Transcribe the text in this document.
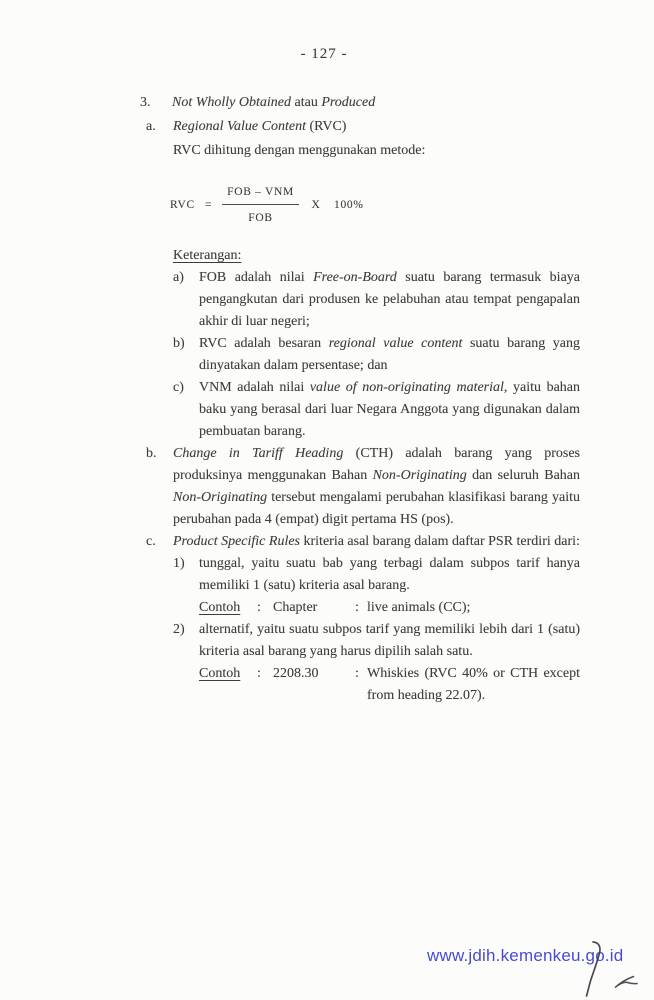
- 127 -
3.	Not Wholly Obtained atau Produced
a.	Regional Value Content (RVC)
RVC dihitung dengan menggunakan metode:
RVC = $\frac{\text{FOB – VNM}}{\text{FOB}}$ X 100%
Keterangan:
a)	FOB adalah nilai Free-on-Board suatu barang termasuk biaya pengangkutan dari produsen ke pelabuhan atau tempat pengapalan akhir di luar negeri;
b)	RVC adalah besaran regional value content suatu barang yang dinyatakan dalam persentase; dan
c)	VNM adalah nilai value of non-originating material, yaitu bahan baku yang berasal dari luar Negara Anggota yang digunakan dalam pembuatan barang.
b.	Change in Tariff Heading (CTH) adalah barang yang proses produksinya menggunakan Bahan Non-Originating dan seluruh Bahan Non-Originating tersebut mengalami perubahan klasifikasi barang yaitu perubahan pada 4 (empat) digit pertama HS (pos).
c.	Product Specific Rules kriteria asal barang dalam daftar PSR terdiri dari:
1)	tunggal, yaitu suatu bab yang terbagi dalam subpos tarif hanya memiliki 1 (satu) kriteria asal barang.
Contoh	: Chapter	: live animals (CC);
2)	alternatif, yaitu suatu subpos tarif yang memiliki lebih dari 1 (satu) kriteria asal barang yang harus dipilih salah satu.
Contoh	: 2208.30	: Whiskies (RVC 40% or CTH except from heading 22.07).
www.jdih.kemenkeu.go.id
